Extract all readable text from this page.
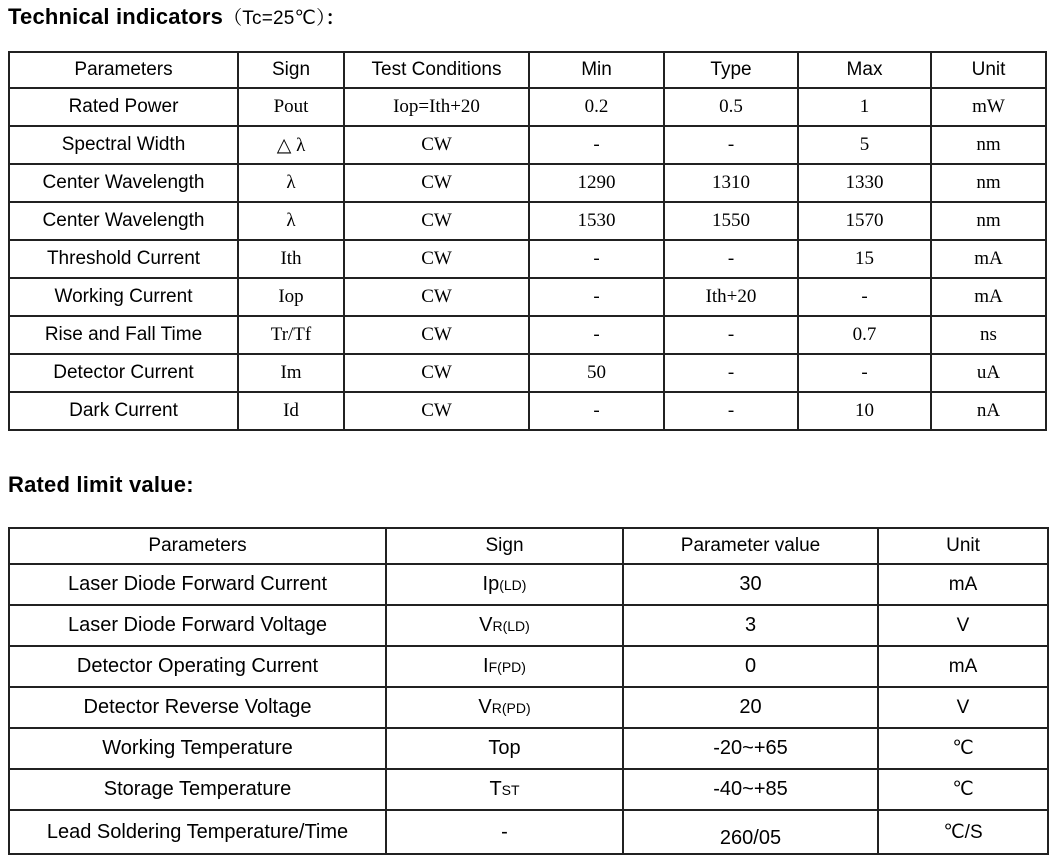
Technical indicators（Tc=25℃）：
Parameters	Sign	Test Conditions	Min	Type	Max	Unit
Rated Power	Pout	Iop=Ith+20	0.2	0.5	1	mW
Spectral Width	△ λ	CW	-	-	5	nm
Center Wavelength	λ	CW	1290	1310	1330	nm
Center Wavelength	λ	CW	1530	1550	1570	nm
Threshold Current	Ith	CW	-	-	15	mA
Working Current	Iop	CW	-	Ith+20	-	mA
Rise and Fall Time	Tr/Tf	CW	-	-	0.7	ns
Detector Current	Im	CW	50	-	-	uA
Dark Current	Id	CW	-	-	10	nA
Rated limit value:
Parameters	Sign	Parameter value	Unit
Laser Diode Forward Current	Ip(LD)	30	mA
Laser Diode Forward Voltage	VR(LD)	3	V
Detector Operating Current	IF(PD)	0	mA
Detector Reverse Voltage	VR(PD)	20	V
Working Temperature	Top	-20~+65	℃
Storage Temperature	TST	-40~+85	℃
Lead Soldering Temperature/Time	-	260/05	℃/S
